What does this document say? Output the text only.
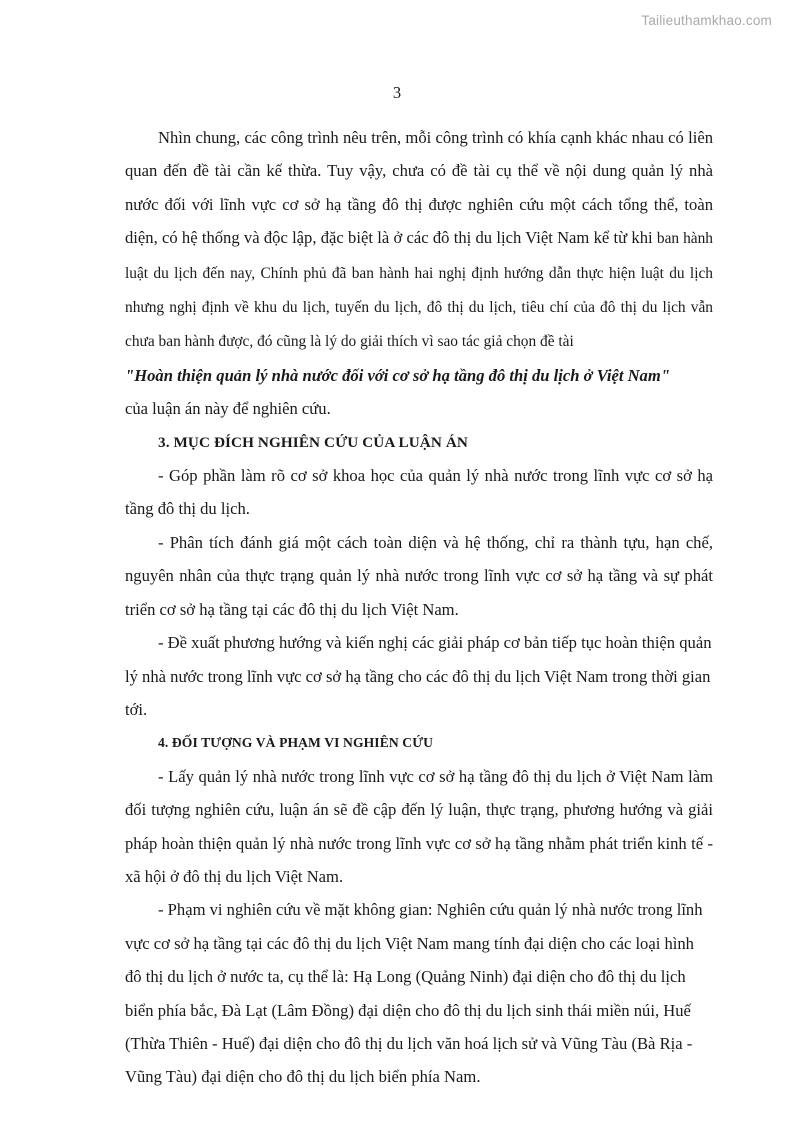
Tailieuthamkhao.com
3

Nhìn chung, các công trình nêu trên, mỗi công trình có khía cạnh khác nhau có liên quan đến đề tài cần kế thừa. Tuy vậy, chưa có đề tài cụ thể về nội dung quản lý nhà nước đối với lĩnh vực cơ sở hạ tầng đô thị được nghiên cứu một cách tổng thể, toàn diện, có hệ thống và độc lập, đặc biệt là ở các đô thị du lịch Việt Nam kể từ khi ban hành luật du lịch đến nay, Chính phủ đã ban hành hai nghị định hướng dẫn thực hiện luật du lịch nhưng nghị định về khu du lịch, tuyến du lịch, đô thị du lịch, tiêu chí của đô thị du lịch vẫn chưa ban hành được, đó cũng là lý do giải thích vì sao tác giả chọn đề tài

"Hoàn thiện quản lý nhà nước đối với cơ sở hạ tầng đô thị du lịch ở Việt Nam"

của luận án này để nghiên cứu.

3. MỤC ĐÍCH NGHIÊN CỨU CỦA LUẬN ÁN

- Góp phần làm rõ cơ sở khoa học của quản lý nhà nước trong lĩnh vực cơ sở hạ tầng đô thị du lịch.

- Phân tích đánh giá một cách toàn diện và hệ thống, chỉ ra thành tựu, hạn chế, nguyên nhân của thực trạng quản lý nhà nước trong lĩnh vực cơ sở hạ tầng và sự phát triển cơ sở hạ tầng tại các đô thị du lịch Việt Nam.

- Đề xuất phương hướng và kiến nghị các giải pháp cơ bản tiếp tục hoàn thiện quản lý nhà nước trong lĩnh vực cơ sở hạ tầng cho các đô thị du lịch Việt Nam trong thời gian tới.

4. ĐỐI TƯỢNG VÀ PHẠM VI NGHIÊN CỨU

- Lấy quản lý nhà nước trong lĩnh vực cơ sở hạ tầng đô thị du lịch ở Việt Nam làm đối tượng nghiên cứu, luận án sẽ đề cập đến lý luận, thực trạng, phương hướng và giải pháp hoàn thiện quản lý nhà nước trong lĩnh vực cơ sở hạ tầng nhằm phát triển kinh tế - xã hội ở đô thị du lịch Việt Nam.

- Phạm vi nghiên cứu về mặt không gian: Nghiên cứu quản lý nhà nước trong lĩnh vực cơ sở hạ tầng tại các đô thị du lịch Việt Nam mang tính đại diện cho các loại hình đô thị du lịch ở nước ta, cụ thể là: Hạ Long (Quảng Ninh) đại diện cho đô thị du lịch biển phía bắc, Đà Lạt (Lâm Đồng) đại diện cho đô thị du lịch sinh thái miền núi, Huế (Thừa Thiên - Huế) đại diện cho đô thị du lịch văn hoá lịch sử và Vũng Tàu (Bà Rịa - Vũng Tàu) đại diện cho đô thị du lịch biển phía Nam.
